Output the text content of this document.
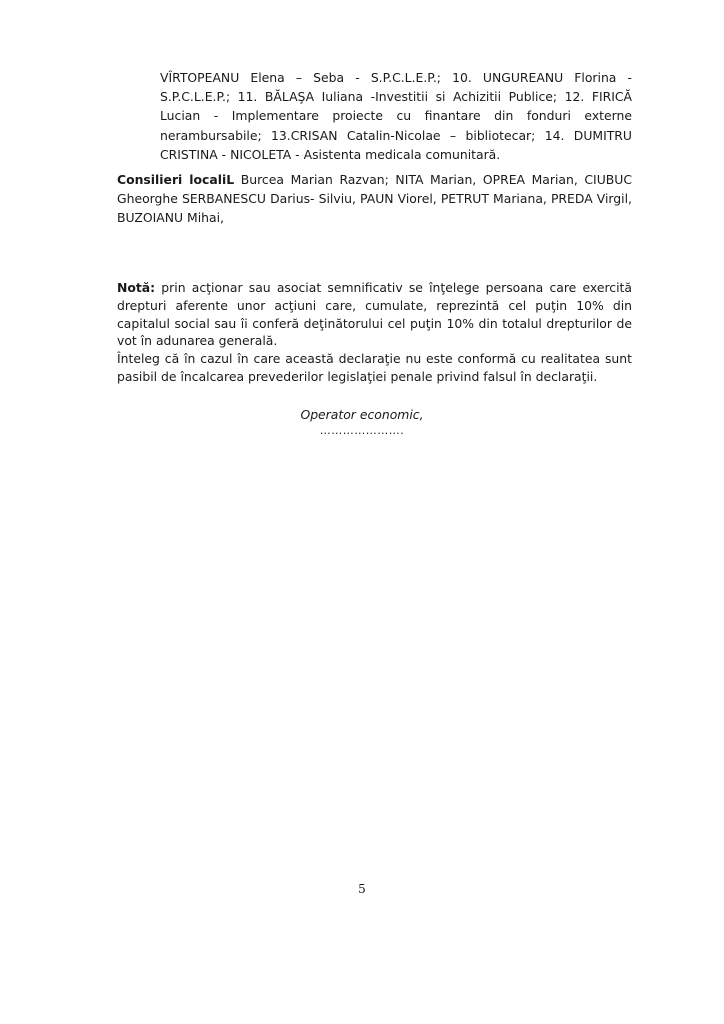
VÎRTOPEANU Elena – Seba - S.P.C.L.E.P.; 10. UNGUREANU Florina - S.P.C.L.E.P.; 11. BĂLAŞA Iuliana -Investitii si Achizitii Publice; 12. FIRICĂ Lucian - Implementare proiecte cu finantare din fonduri externe nerambursabile; 13.CRISAN Catalin-Nicolae – bibliotecar; 14. DUMITRU CRISTINA - NICOLETA - Asistenta medicala comunitară.

Consilieri localiL Burcea Marian Razvan; NITA Marian, OPREA Marian, CIUBUC Gheorghe SERBANESCU Darius- Silviu, PAUN Viorel, PETRUT Mariana, PREDA Virgil, BUZOIANU Mihai,

Notă: prin acţionar sau asociat semnificativ se înţelege persoana care exercită drepturi aferente unor acţiuni care, cumulate, reprezintă cel puţin 10% din capitalul social sau îi conferă deţinătorului cel puţin 10% din totalul drepturilor de vot în adunarea generală.

Înteleg că în cazul în care această declaraţie nu este conformă cu realitatea sunt pasibil de încalcarea prevederilor legislaţiei penale privind falsul în declaraţii.

Operator economic,
………………….
5
